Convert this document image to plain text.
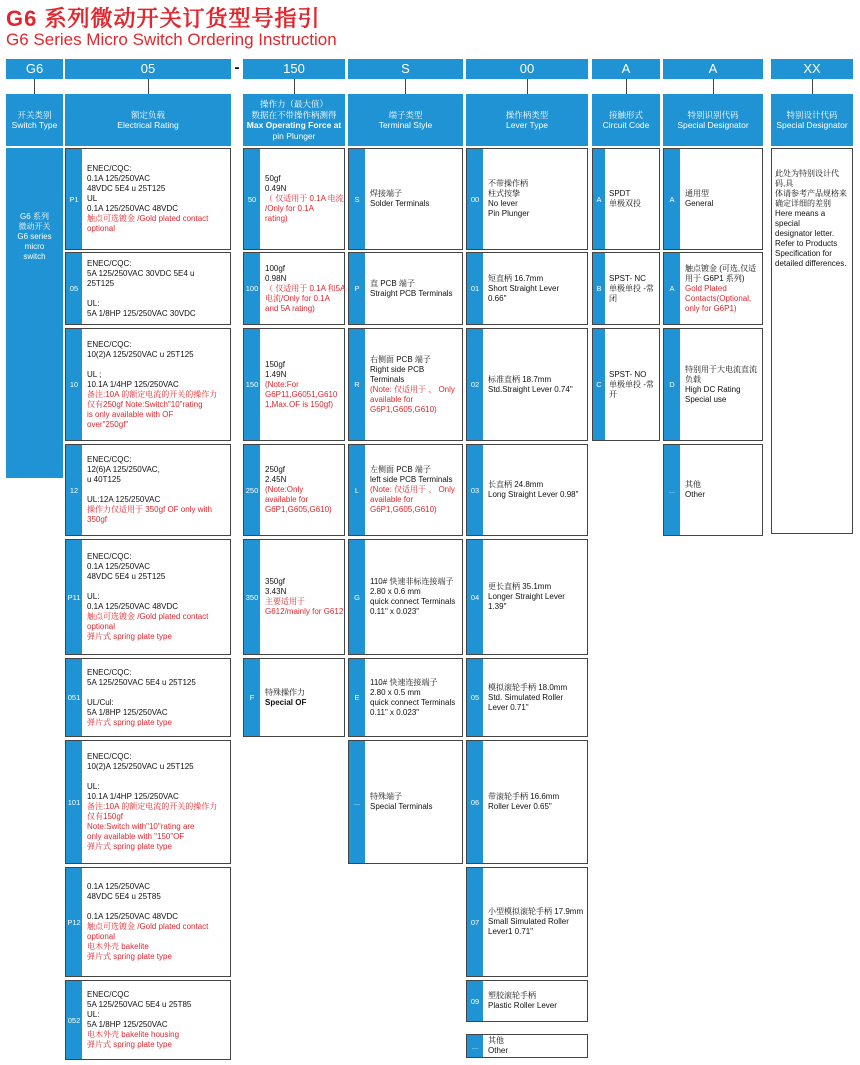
G6 系列微动开关订货型号指引
G6 Series Micro Switch Ordering Instruction
G6	05	-	150	S	00	A	A	XX
开关类别
Switch Type
额定负载
Electrical Rating
操作力（最大值）
数据在不带操作柄测得
Max Operating Force at
pin Plunger
端子类型
Terminal Style
操作柄类型
Lever Type
接触形式
Circuit Code
特别识别代码
Special Designator
特别设计代码
Special Designator
G6 系列
微动开关
G6 series
micro
switch
P1
ENEC/CQC:
0.1A 125/250VAC
48VDC 5E4 u 25T125
UL
0.1A 125/250VAC 48VDC
触点可选镀金 /Gold plated contact
optional
05
ENEC/CQC:
5A 125/250VAC 30VDC 5E4 u
25T125

UL:
5A 1/8HP 125/250VAC 30VDC
10
ENEC/CQC:
10(2)A 125/250VAC u 25T125

UL ;
10.1A 1/4HP 125/250VAC
备注:10A 的额定电流的开关的操作力
仅有250gf Note:Switch"10"rating
is only available with OF
over"250gf"
12
ENEC/CQC:
12(6)A 125/250VAC,
u 40T125

UL:12A 125/250VAC
操作力仅适用于 350gf OF only with
350gf
P11
ENEC/CQC:
0.1A 125/250VAC
48VDC 5E4 u 25T125

UL:
0.1A 125/250VAC 48VDC
触点可选镀金 /Gold plated contact
optional
弹片式 spring plate type
051
ENEC/CQC:
5A 125/250VAC 5E4 u 25T125

UL/Cul:
5A 1/8HP 125/250VAC
弹片式 spring plate type
101
ENEC/CQC:
10(2)A 125/250VAC u 25T125

UL:
10.1A 1/4HP 125/250VAC
备注:10A 的额定电流的开关的操作力
仅有150gf
Note:Switch with"10"rating are
only available with "150"OF
弹片式 spring plate type
P12
0.1A 125/250VAC
48VDC 5E4 u 25T85

0.1A 125/250VAC 48VDC
触点可选镀金 /Gold plated contact
optional
电木外壳 bakelite
弹片式 spring plate type
052
ENEC/CQC
5A 125/250VAC 5E4 u 25T85
UL:
5A 1/8HP 125/250VAC
电木外壳 bakelite housing
弹片式 spring plate type
50
50gf
0.49N
（ 仅适用于 0.1A 电流
/Only for 0.1A
rating)
100
100gf
0.98N
（ 仅适用于 0.1A 和5A
电流/Only for 0.1A
and 5A rating)
150
150gf
1.49N
(Note:For
G6P11,G6051,G610
1,Max.OF is 150gf)
250
250gf
2.45N
(Note:Only
available for
G6P1,G605,G610)
350
350gf
3.43N
主要适用于
G612/mainly for G612
F
特殊操作力
Special OF
S
焊接端子
Solder Terminals
P
直 PCB 端子
Straight PCB Terminals
R
右侧面 PCB 端子
Right side PCB
Terminals
(Note: 仅适用于 、 Only
available for
G6P1,G605,G610)
L
左侧面 PCB 端子
left side PCB Terminals
(Note: 仅适用于 、 Only
available for
G6P1,G605,G610)
G
110# 快速非标连接端子
2.80 x 0.6 mm
quick connect Terminals
0.11" x 0.023"
E
110# 快速连接端子
2.80 x 0.5 mm
quick connect Terminals
0.11" x 0.023"
...
特殊端子
Special Terminals
00
不带操作柄
柱式按挚
No lever
Pin Plunger
01
短直柄 16.7mm
Short Straight Lever
0.66"
02
标准直柄 18.7mm
Std.Straight Lever 0.74"
03
长直柄 24.8mm
Long Straight Lever 0.98"
04
更长直柄 35.1mm
Longer Straight Lever
1.39"
05
模拟滚轮手柄 18.0mm
Std. Simulated Roller
Lever 0.71"
06
带滚轮手柄 16.6mm
Roller Lever 0.65"
07
小型模拟滚轮手柄 17.9mm
Small Simulated Roller
Lever1 0.71"
09
塑胶滚轮手柄
Plastic Roller Lever
...
其他
Other
A
SPDT
单极双投
B
SPST- NC
单极单投 -常
闭
C
SPST- NO
单极单投 -常
开
A
通用型
General
A
触点镀金 (可选,仅适
用于 G6P1 系列)
Gold Plated
Contacts(Optional,
only for G6P1)
D
特别用于大电流直流
负载
High DC Rating
Special use
...
其他
Other
此处为特别设计代码,具
体请参考产品规格来
确定详细的差别
Here means a special
designator letter.
Refer to Products
Specification for
detailed differences.
